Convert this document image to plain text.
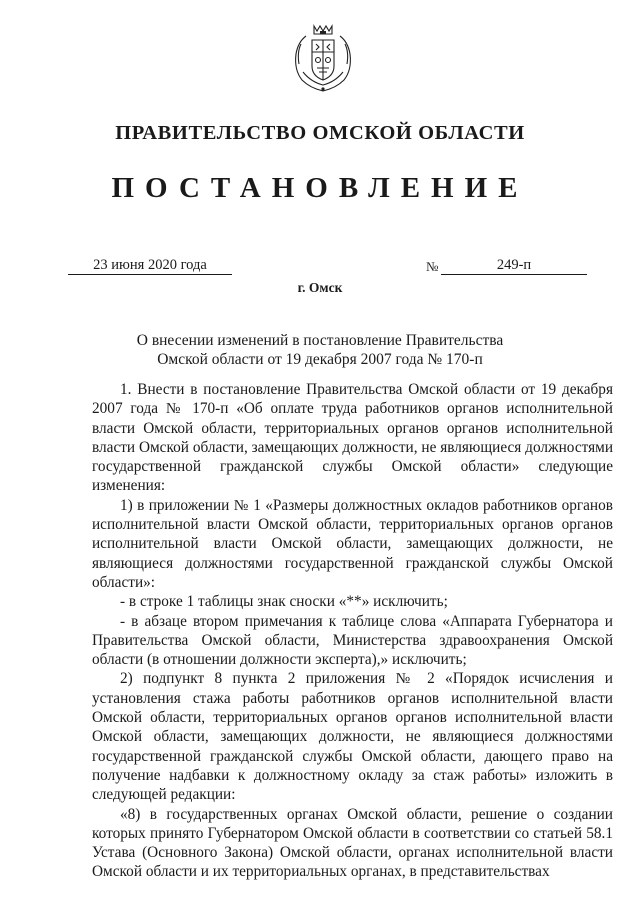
ПРАВИТЕЛЬСТВО ОМСКОЙ ОБЛАСТИ
ПОСТАНОВЛЕНИЕ
23 июня 2020 года	№	249-п
г. Омск
О внесении изменений в постановление Правительства
Омской области от 19 декабря 2007 года № 170-п

1. Внести в постановление Правительства Омской области от 19 декабря 2007 года № 170-п «Об оплате труда работников органов исполнительной власти Омской области, территориальных органов органов исполнительной власти Омской области, замещающих должности, не являющиеся должностями государственной гражданской службы Омской области» следующие изменения:

1) в приложении № 1 «Размеры должностных окладов работников органов исполнительной власти Омской области, территориальных органов органов исполнительной власти Омской области, замещающих должности, не являющиеся должностями государственной гражданской службы Омской области»:

- в строке 1 таблицы знак сноски «**» исключить;

- в абзаце втором примечания к таблице слова «Аппарата Губернатора и Правительства Омской области, Министерства здравоохранения Омской области (в отношении должности эксперта),» исключить;

2) подпункт 8 пункта 2 приложения № 2 «Порядок исчисления и установления стажа работы работников органов исполнительной власти Омской области, территориальных органов органов исполнительной власти Омской области, замещающих должности, не являющиеся должностями государственной гражданской службы Омской области, дающего право на получение надбавки к должностному окладу за стаж работы» изложить в следующей редакции:

«8) в государственных органах Омской области, решение о создании которых принято Губернатором Омской области в соответствии со статьей 58.1 Устава (Основного Закона) Омской области, органах исполнительной власти Омской области и их территориальных органах, в представительствах
